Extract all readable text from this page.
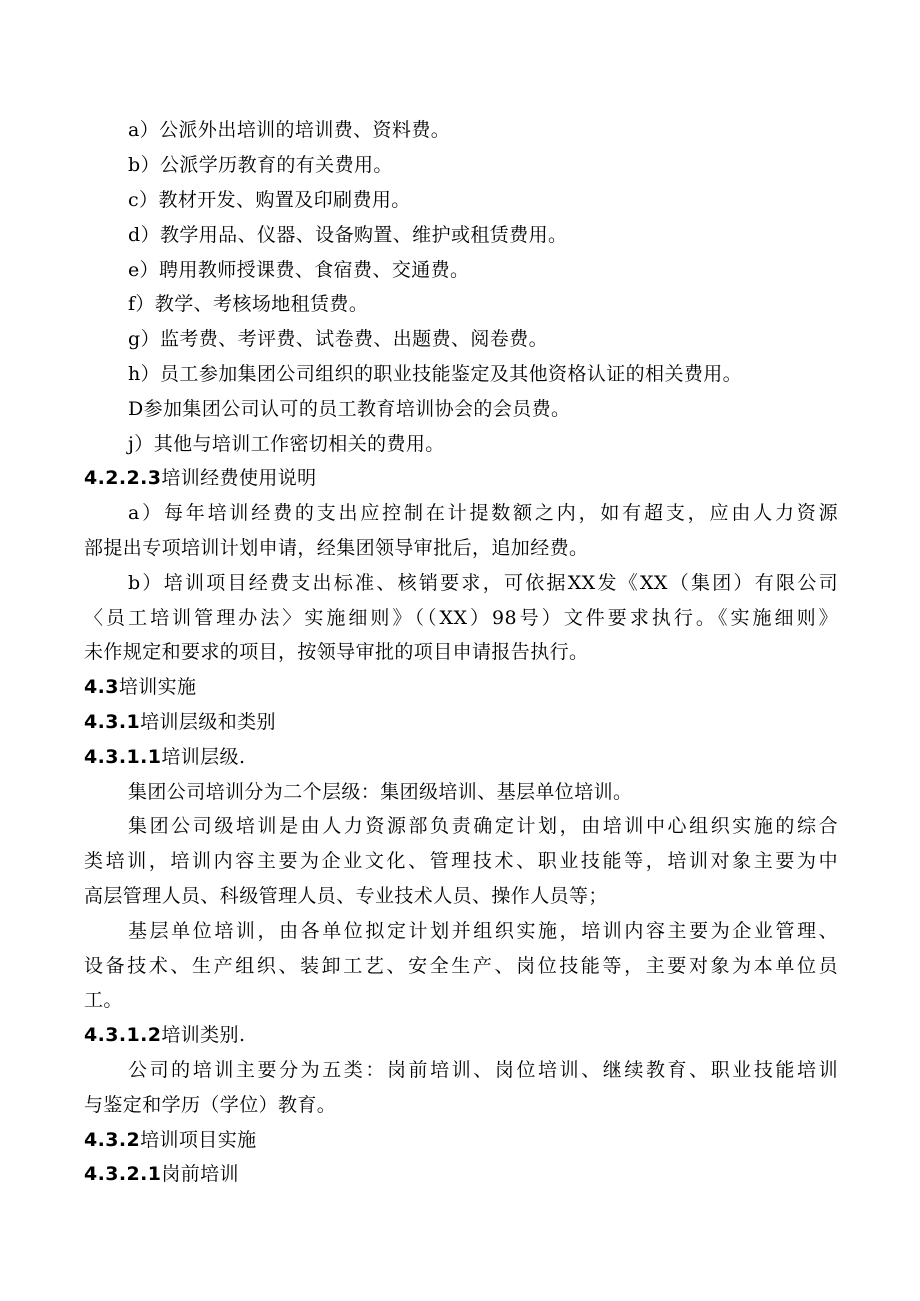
a）公派外出培训的培训费、资料费。
b）公派学历教育的有关费用。
c）教材开发、购置及印刷费用。
d）教学用品、仪器、设备购置、维护或租赁费用。
e）聘用教师授课费、食宿费、交通费。
f）教学、考核场地租赁费。
g）监考费、考评费、试卷费、出题费、阅卷费。
h）员工参加集团公司组织的职业技能鉴定及其他资格认证的相关费用。
D参加集团公司认可的员工教育培训协会的会员费。
j）其他与培训工作密切相关的费用。
4.2.2.3培训经费使用说明
a）每年培训经费的支出应控制在计提数额之内，如有超支，应由人力资源
部提出专项培训计划申请，经集团领导审批后，追加经费。
b）培训项目经费支出标准、核销要求，可依据XX发《XX（集团）有限公司
〈员工培训管理办法〉实施细则》（（XX）98号）文件要求执行。《实施细则》
未作规定和要求的项目，按领导审批的项目申请报告执行。
4.3培训实施
4.3.1培训层级和类别
4.3.1.1培训层级.
集团公司培训分为二个层级：集团级培训、基层单位培训。
集团公司级培训是由人力资源部负责确定计划，由培训中心组织实施的综合
类培训，培训内容主要为企业文化、管理技术、职业技能等，培训对象主要为中
高层管理人员、科级管理人员、专业技术人员、操作人员等；
基层单位培训，由各单位拟定计划并组织实施，培训内容主要为企业管理、
设备技术、生产组织、装卸工艺、安全生产、岗位技能等，主要对象为本单位员
工。
4.3.1.2培训类别.
公司的培训主要分为五类：岗前培训、岗位培训、继续教育、职业技能培训
与鉴定和学历（学位）教育。
4.3.2培训项目实施
4.3.2.1岗前培训
